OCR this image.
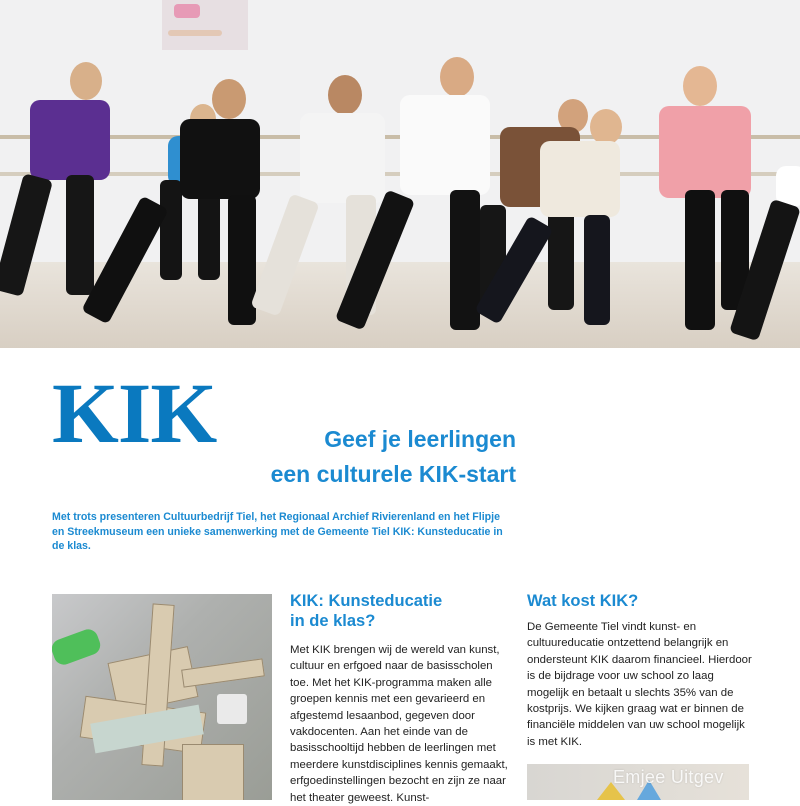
KIK	Geef je leerlingen
een culturele KIK-start

Met trots presenteren Cultuurbedrijf Tiel, het Regionaal Archief Rivierenland en het Flipje en Streekmuseum een unieke samenwerking met de Gemeente Tiel KIK: Kunsteducatie in de klas.

KIK: Kunsteducatie
in de klas?

Met KIK brengen wij de wereld van kunst, cultuur en erfgoed naar de basisscholen toe. Met het KIK-programma maken alle groepen kennis met een gevarieerd en afgestemd lesaanbod, gegeven door vakdocenten. Aan het einde van de basisschooltijd hebben de leerlingen met meerdere kunstdisciplines kennis gemaakt, erfgoedinstellingen bezocht en zijn ze naar het theater geweest. Kunst-

Wat kost KIK?

De Gemeente Tiel vindt kunst- en cultuureducatie ontzettend belangrijk en ondersteunt KIK daarom financieel. Hierdoor is de bijdrage voor uw school zo laag mogelijk en betaalt u slechts 35% van de kostprijs. We kijken graag wat er binnen de financiële middelen van uw school mogelijk is met KIK.

Emjee Uitgev
